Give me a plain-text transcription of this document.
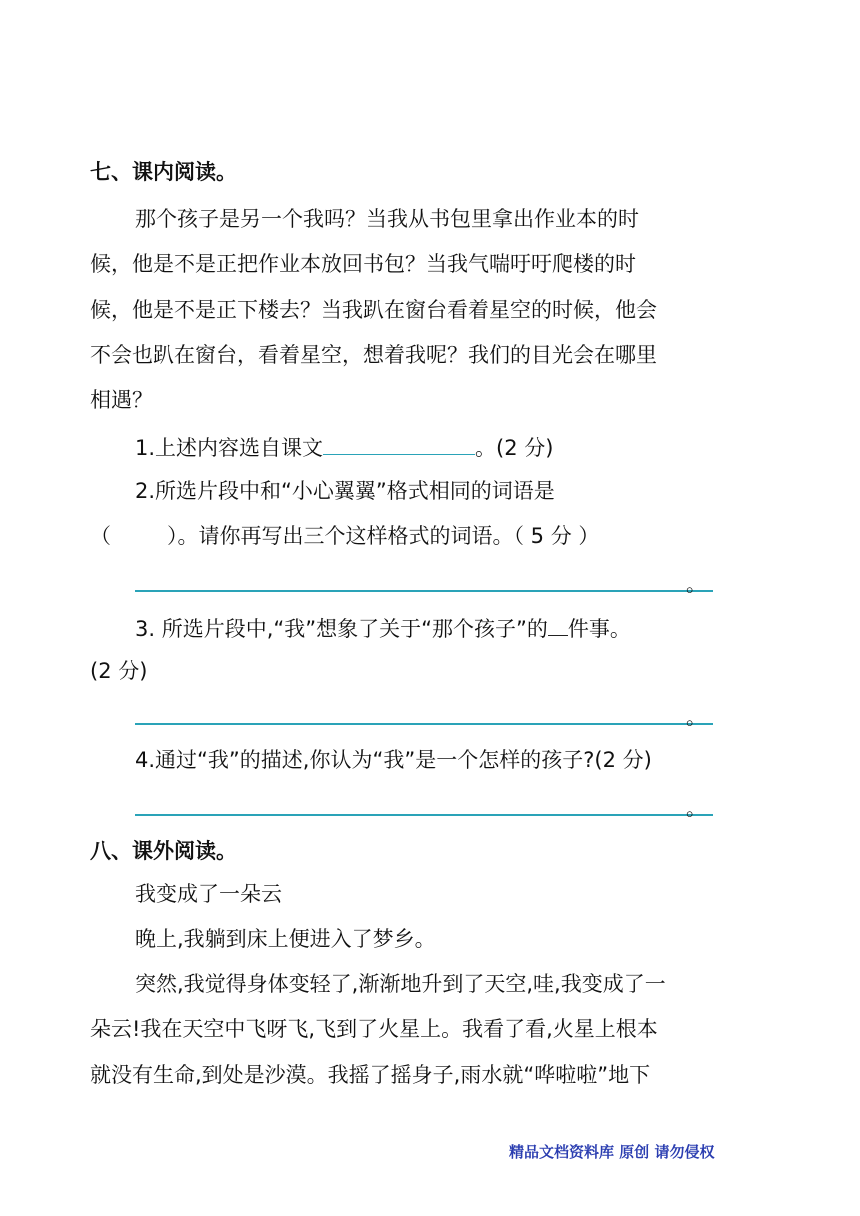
七、课内阅读。
那个孩子是另一个我吗？当我从书包里拿出作业本的时
候，他是不是正把作业本放回书包？当我气喘吁吁爬楼的时
候，他是不是正下楼去？当我趴在窗台看着星空的时候，他会
不会也趴在窗台，看着星空，想着我呢？我们的目光会在哪里
相遇？
1.上述内容选自课文	。(2 分)
2.所选片段中和“小心翼翼”格式相同的词语是
（	）。请你再写出三个这样格式的词语。（ 5 分 ）
。
3. 所选片段中,“我”想象了关于“那个孩子”的 件事。
(2 分)
。
4.通过“我”的描述,你认为“我”是一个怎样的孩子?(2 分)
。
八、课外阅读。
我变成了一朵云
晚上,我躺到床上便进入了梦乡。
突然,我觉得身体变轻了,渐渐地升到了天空,哇,我变成了一
朵云!我在天空中飞呀飞,飞到了火星上。我看了看,火星上根本
就没有生命,到处是沙漠。我摇了摇身子,雨水就“哗啦啦”地下
精品文档资料库 原创 请勿侵权
